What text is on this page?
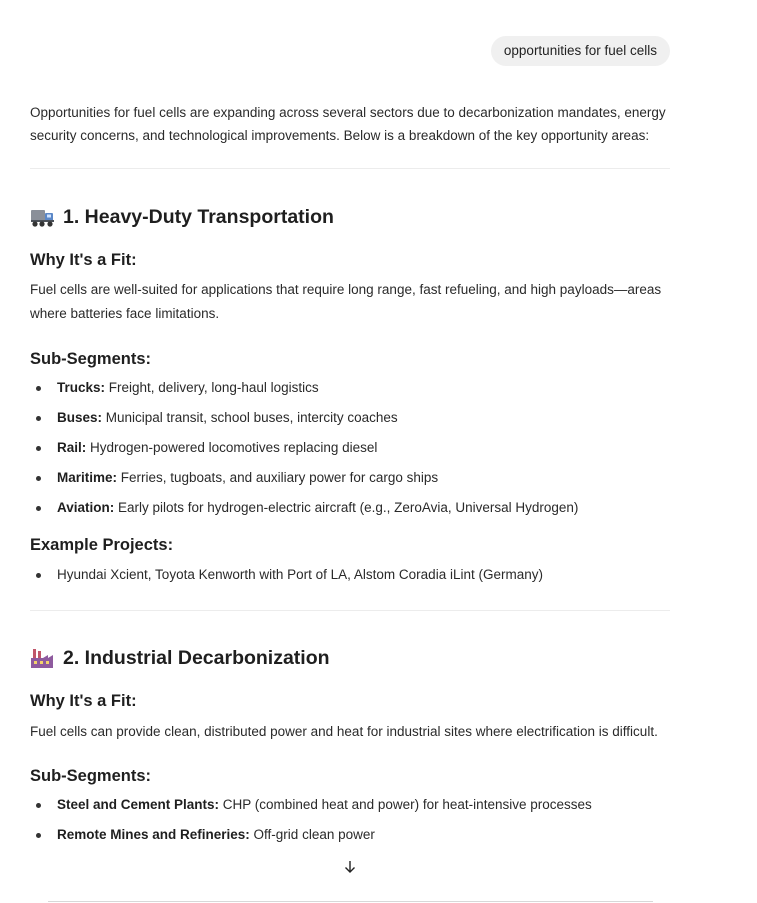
opportunities for fuel cells
Opportunities for fuel cells are expanding across several sectors due to decarbonization mandates, energy security concerns, and technological improvements. Below is a breakdown of the key opportunity areas:
1. Heavy-Duty Transportation
Why It's a Fit:
Fuel cells are well-suited for applications that require long range, fast refueling, and high payloads—areas where batteries face limitations.
Sub-Segments:
Trucks: Freight, delivery, long-haul logistics
Buses: Municipal transit, school buses, intercity coaches
Rail: Hydrogen-powered locomotives replacing diesel
Maritime: Ferries, tugboats, and auxiliary power for cargo ships
Aviation: Early pilots for hydrogen-electric aircraft (e.g., ZeroAvia, Universal Hydrogen)
Example Projects:
Hyundai Xcient, Toyota Kenworth with Port of LA, Alstom Coradia iLint (Germany)
2. Industrial Decarbonization
Why It's a Fit:
Fuel cells can provide clean, distributed power and heat for industrial sites where electrification is difficult.
Sub-Segments:
Steel and Cement Plants: CHP (combined heat and power) for heat-intensive processes
Remote Mines and Refineries: Off-grid clean power
